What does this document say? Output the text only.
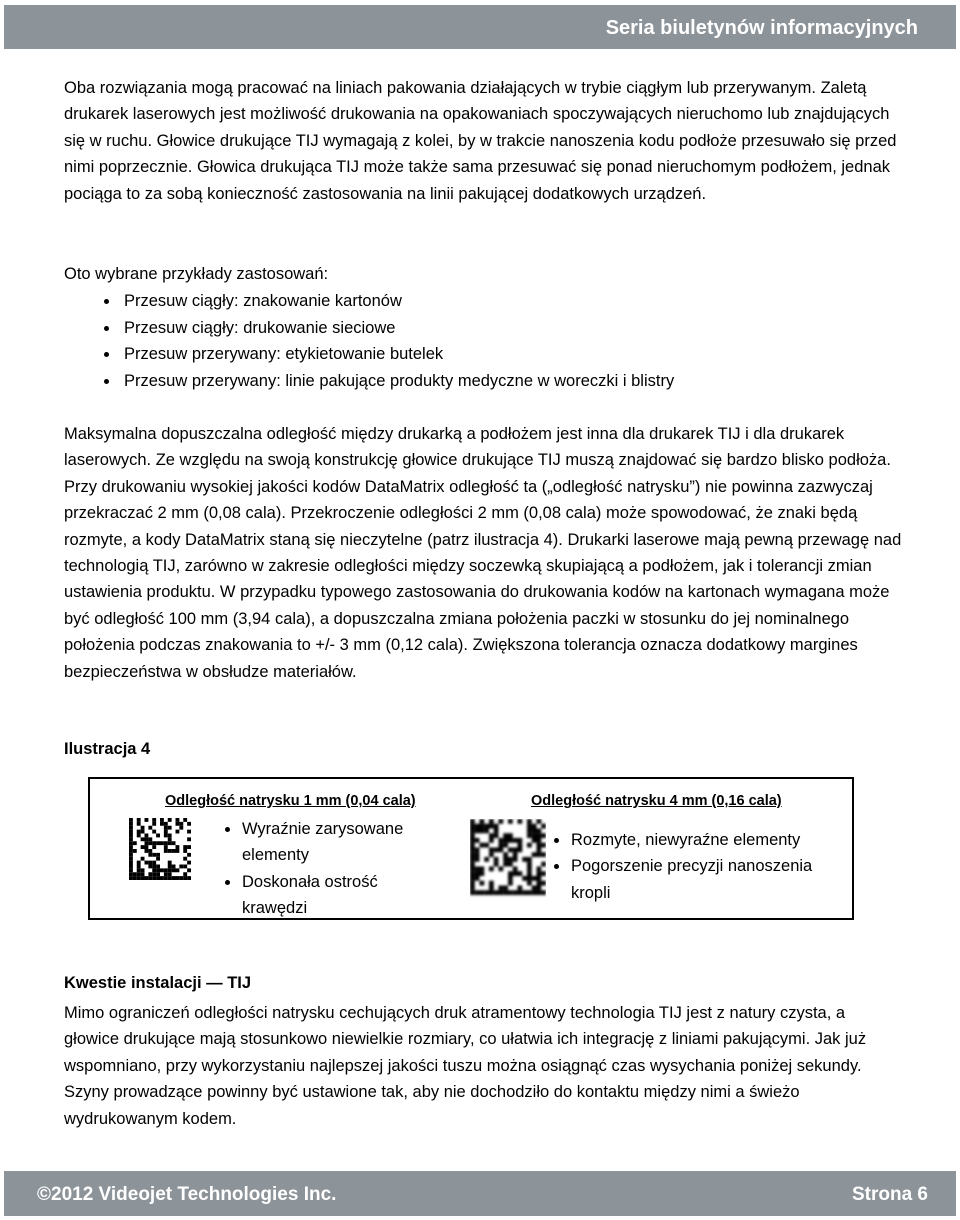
Seria biuletynów informacyjnych

Oba rozwiązania mogą pracować na liniach pakowania działających w trybie ciągłym lub przerywanym. Zaletą drukarek laserowych jest możliwość drukowania na opakowaniach spoczywających nieruchomo lub znajdujących się w ruchu. Głowice drukujące TIJ wymagają z kolei, by w trakcie nanoszenia kodu podłoże przesuwało się przed nimi poprzecznie. Głowica drukująca TIJ może także sama przesuwać się ponad nieruchomym podłożem, jednak pociąga to za sobą konieczność zastosowania na linii pakującej dodatkowych urządzeń.

Oto wybrane przykłady zastosowań:

Przesuw ciągły: znakowanie kartonów
Przesuw ciągły: drukowanie sieciowe
Przesuw przerywany: etykietowanie butelek
Przesuw przerywany: linie pakujące produkty medyczne w woreczki i blistry

Maksymalna dopuszczalna odległość między drukarką a podłożem jest inna dla drukarek TIJ i dla drukarek laserowych. Ze względu na swoją konstrukcję głowice drukujące TIJ muszą znajdować się bardzo blisko podłoża. Przy drukowaniu wysokiej jakości kodów DataMatrix odległość ta („odległość natrysku”) nie powinna zazwyczaj przekraczać 2 mm (0,08 cala). Przekroczenie odległości 2 mm (0,08 cala) może spowodować, że znaki będą rozmyte, a kody DataMatrix staną się nieczytelne (patrz ilustracja 4). Drukarki laserowe mają pewną przewagę nad technologią TIJ, zarówno w zakresie odległości między soczewką skupiającą a podłożem, jak i tolerancji zmian ustawienia produktu. W przypadku typowego zastosowania do drukowania kodów na kartonach wymagana może być odległość 100 mm (3,94 cala), a dopuszczalna zmiana położenia paczki w stosunku do jej nominalnego położenia podczas znakowania to +/- 3 mm (0,12 cala). Zwiększona tolerancja oznacza dodatkowy margines bezpieczeństwa w obsłudze materiałów.

Ilustracja 4
Odległość natrysku 1 mm (0,04 cala)	Odległość natrysku 4 mm (0,16 cala)
Wyraźnie zarysowane elementy
Doskonała ostrość krawędzi
Rozmyte, niewyraźne elementy
Pogorszenie precyzji nanoszenia kropli
Kwestie instalacji — TIJ

Mimo ograniczeń odległości natrysku cechujących druk atramentowy technologia TIJ jest z natury czysta, a głowice drukujące mają stosunkowo niewielkie rozmiary, co ułatwia ich integrację z liniami pakującymi. Jak już wspomniano, przy wykorzystaniu najlepszej jakości tuszu można osiągnąć czas wysychania poniżej sekundy. Szyny prowadzące powinny być ustawione tak, aby nie dochodziło do kontaktu między nimi a świeżo wydrukowanym kodem.

©2012 Videojet Technologies Inc.	Strona 6
